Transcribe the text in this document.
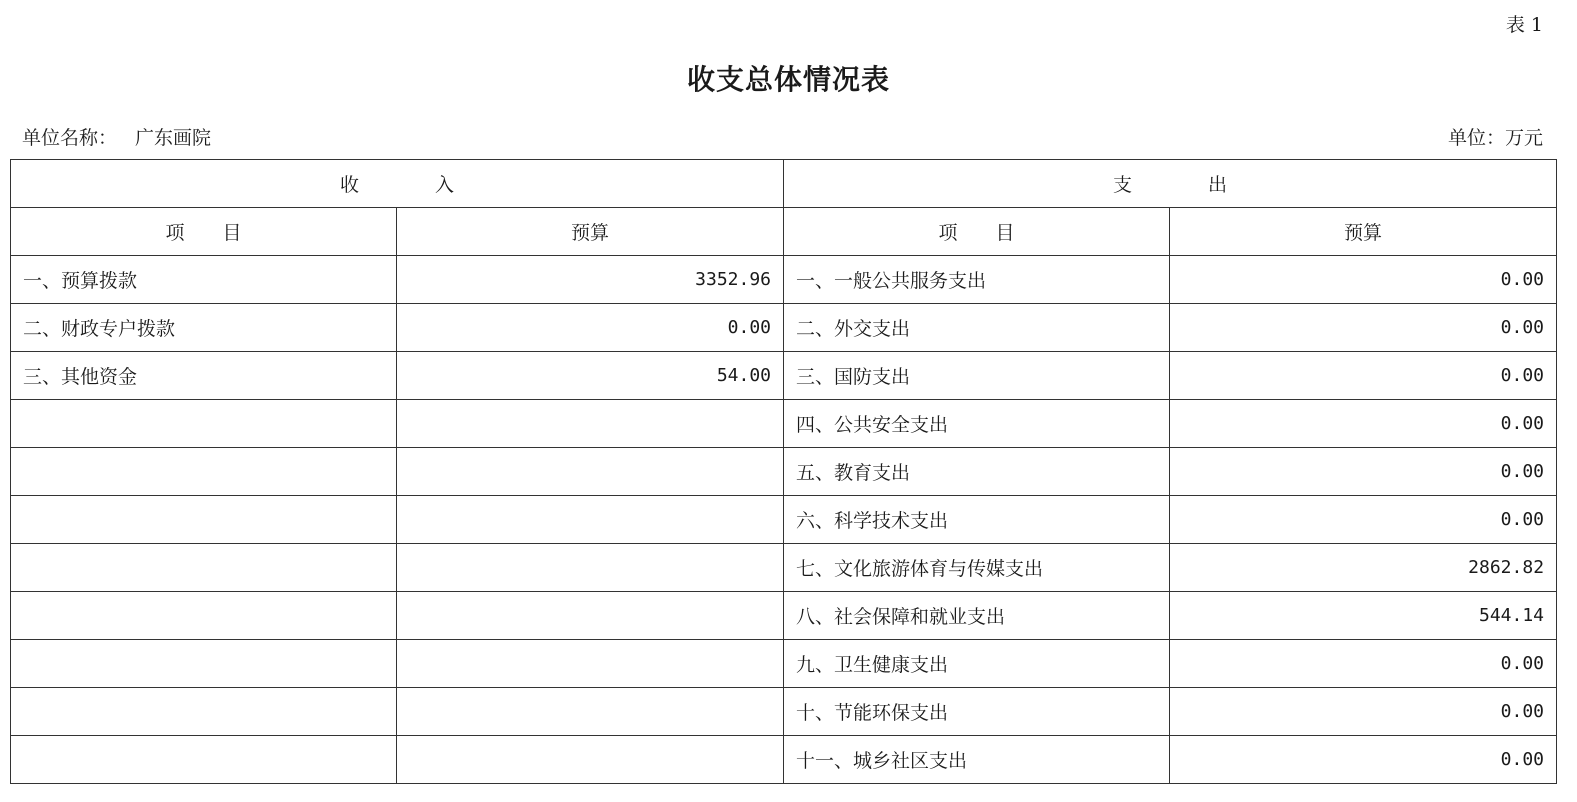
表 1
收支总体情况表
单位名称： 广东画院	单位：万元
收　　　　入		支　　　　出	
项　　目	预算	项　　目	预算
一、预算拨款	3352.96	一、一般公共服务支出	0.00
二、财政专户拨款	0.00	二、外交支出	0.00
三、其他资金	54.00	三、国防支出	0.00
		四、公共安全支出	0.00
		五、教育支出	0.00
		六、科学技术支出	0.00
		七、文化旅游体育与传媒支出	2862.82
		八、社会保障和就业支出	544.14
		九、卫生健康支出	0.00
		十、节能环保支出	0.00
		十一、城乡社区支出	0.00
